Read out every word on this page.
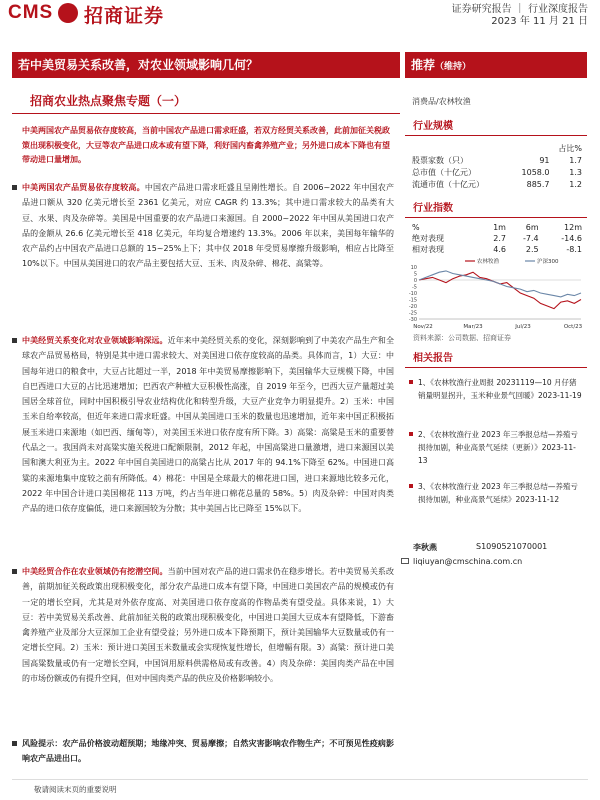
CMS 招商证券	证券研究报告 ｜ 行业深度报告
2023 年 11 月 21 日
若中美贸易关系改善，对农业领域影响几何？	推荐（维持）
招商农业热点聚焦专题（一）
中美两国农产品贸易依存度较高，当前中国农产品进口需求旺盛，若双方经贸关系改善，此前加征关税政策出现积极变化，大豆等农产品进口成本或有望下降，利好国内畜禽养殖产业；另外进口成本下降也有望带动进口量增加。
中美两国农产品贸易依存度较高。中国农产品进口需求旺盛且呈刚性增长。自 2006~2022 年中国农产品进口额从 320 亿美元增长至 2361 亿美元，对应 CAGR 约 13.3%；其中进口需求较大的品类有大豆、水果、肉及杂碎等。美国是中国重要的农产品进口来源国。自 2000~2022 年中国从美国进口农产品的金额从 26.6 亿美元增长至 418 亿美元，年均复合增速约 13.3%。2006 年以来，美国每年输华的农产品约占中国农产品进口总额的 15~25%上下；其中仅 2018 年受贸易摩擦升级影响，相应占比降至 10%以下。中国从美国进口的农产品主要包括大豆、玉米、肉及杂碎、棉花、高粱等。
中美经贸关系变化对农业领域影响深远。近年来中美经贸关系的变化，深刻影响到了中美农产品生产和全球农产品贸易格局，特别是其中进口需求较大、对美国进口依存度较高的品类。具体而言，1）大豆：中国每年进口的粮食中，大豆占比超过一半，2018 年中美贸易摩擦影响下，美国输华大豆规模下降，中国自巴西进口大豆的占比迅速增加；巴西农产种植大豆积极性高涨，自 2019 年至今，巴西大豆产量超过美国居全球首位，同时中国积极引导农业结构优化和转型升级，大豆产业竞争力明显提升。2）玉米：中国玉米自给率较高，但近年来进口需求旺盛。中国从美国进口玉米的数量也迅速增加，近年来中国正积极拓展玉米进口来源地（如巴西、缅甸等），对美国玉米进口依存度有所下降。3）高粱：高粱是玉米的重要替代品之一。我国尚未对高粱实施关税进口配额限制，2012 年起，中国高粱进口量激增，进口来源国以美国和澳大利亚为主。2022 年中国自美国进口的高粱占比从 2017 年的 94.1%下降至 62%。中国进口高粱的来源地集中度较之前有所降低。4）棉花：中国是全球最大的棉花进口国，进口来源地比较多元化，2022 年中国合计进口美国棉花 113 万吨，约占当年进口棉花总量的 58%。5）肉及杂碎：中国对肉类产品的进口依存度偏低，进口来源国较为分散；其中美国占比已降至 15%以下。
中美经贸合作在农业领域仍有挖潜空间。当前中国对农产品的进口需求仍在稳步增长。若中美贸易关系改善，前期加征关税政策出现积极变化，部分农产品进口成本有望下降，中国进口美国农产品的规模或仍有一定的增长空间，尤其是对外依存度高、对美国进口依存度高的作物品类有望受益。具体来说，1）大豆：若中美贸易关系改善、此前加征关税的政策出现积极变化，中国进口美国大豆成本有望降低，下游畜禽养殖产业及部分大豆深加工企业有望受益；另外进口成本下降预期下，预计美国输华大豆数量或仍有一定增长空间。2）玉米：预计进口美国玉米数量或会实现恢复性增长，但增幅有限。3）高粱：预计进口美国高粱数量或仍有一定增长空间，中国饲用原料供需格局或有改善。4）肉及杂碎：美国肉类产品在中国的市场份额或仍有提升空间，但对中国肉类产品的供应及价格影响较小。
风险提示：农产品价格波动超预期；地缘冲突、贸易摩擦；自然灾害影响农作物生产；不可预见性疫病影响农产品进出口。
消费品/农林牧渔
行业规模
		占比%
股票家数（只）	91	1.7
总市值（十亿元）	1058.0	1.3
流通市值（十亿元）	885.7	1.2
行业指数
%	1m	6m	12m
绝对表现	2.7	-7.4	-14.6
相对表现	4.6	2.5	-8.1
10
5
0
-5
-10
-15
-20
-25
-30
Nov/22	Mar/23	Jul/23	Oct/23
农林牧渔	沪深300
资料来源：公司数据、招商证券
相关报告
1、《农林牧渔行业周报 20231119—10 月仔猪销量明显拐升，玉米种业景气回暖》2023-11-19
2、《农林牧渔行业 2023 年三季报总结—养殖亏损待加剧，种业高景气延续（更新）》2023-11-13
3、《农林牧渔行业 2023 年三季报总结—养殖亏损待加剧，种业高景气延续》2023-11-12
李秋燕	S1090521070001
liqiuyan@cmschina.com.cn
敬请阅读末页的重要说明
